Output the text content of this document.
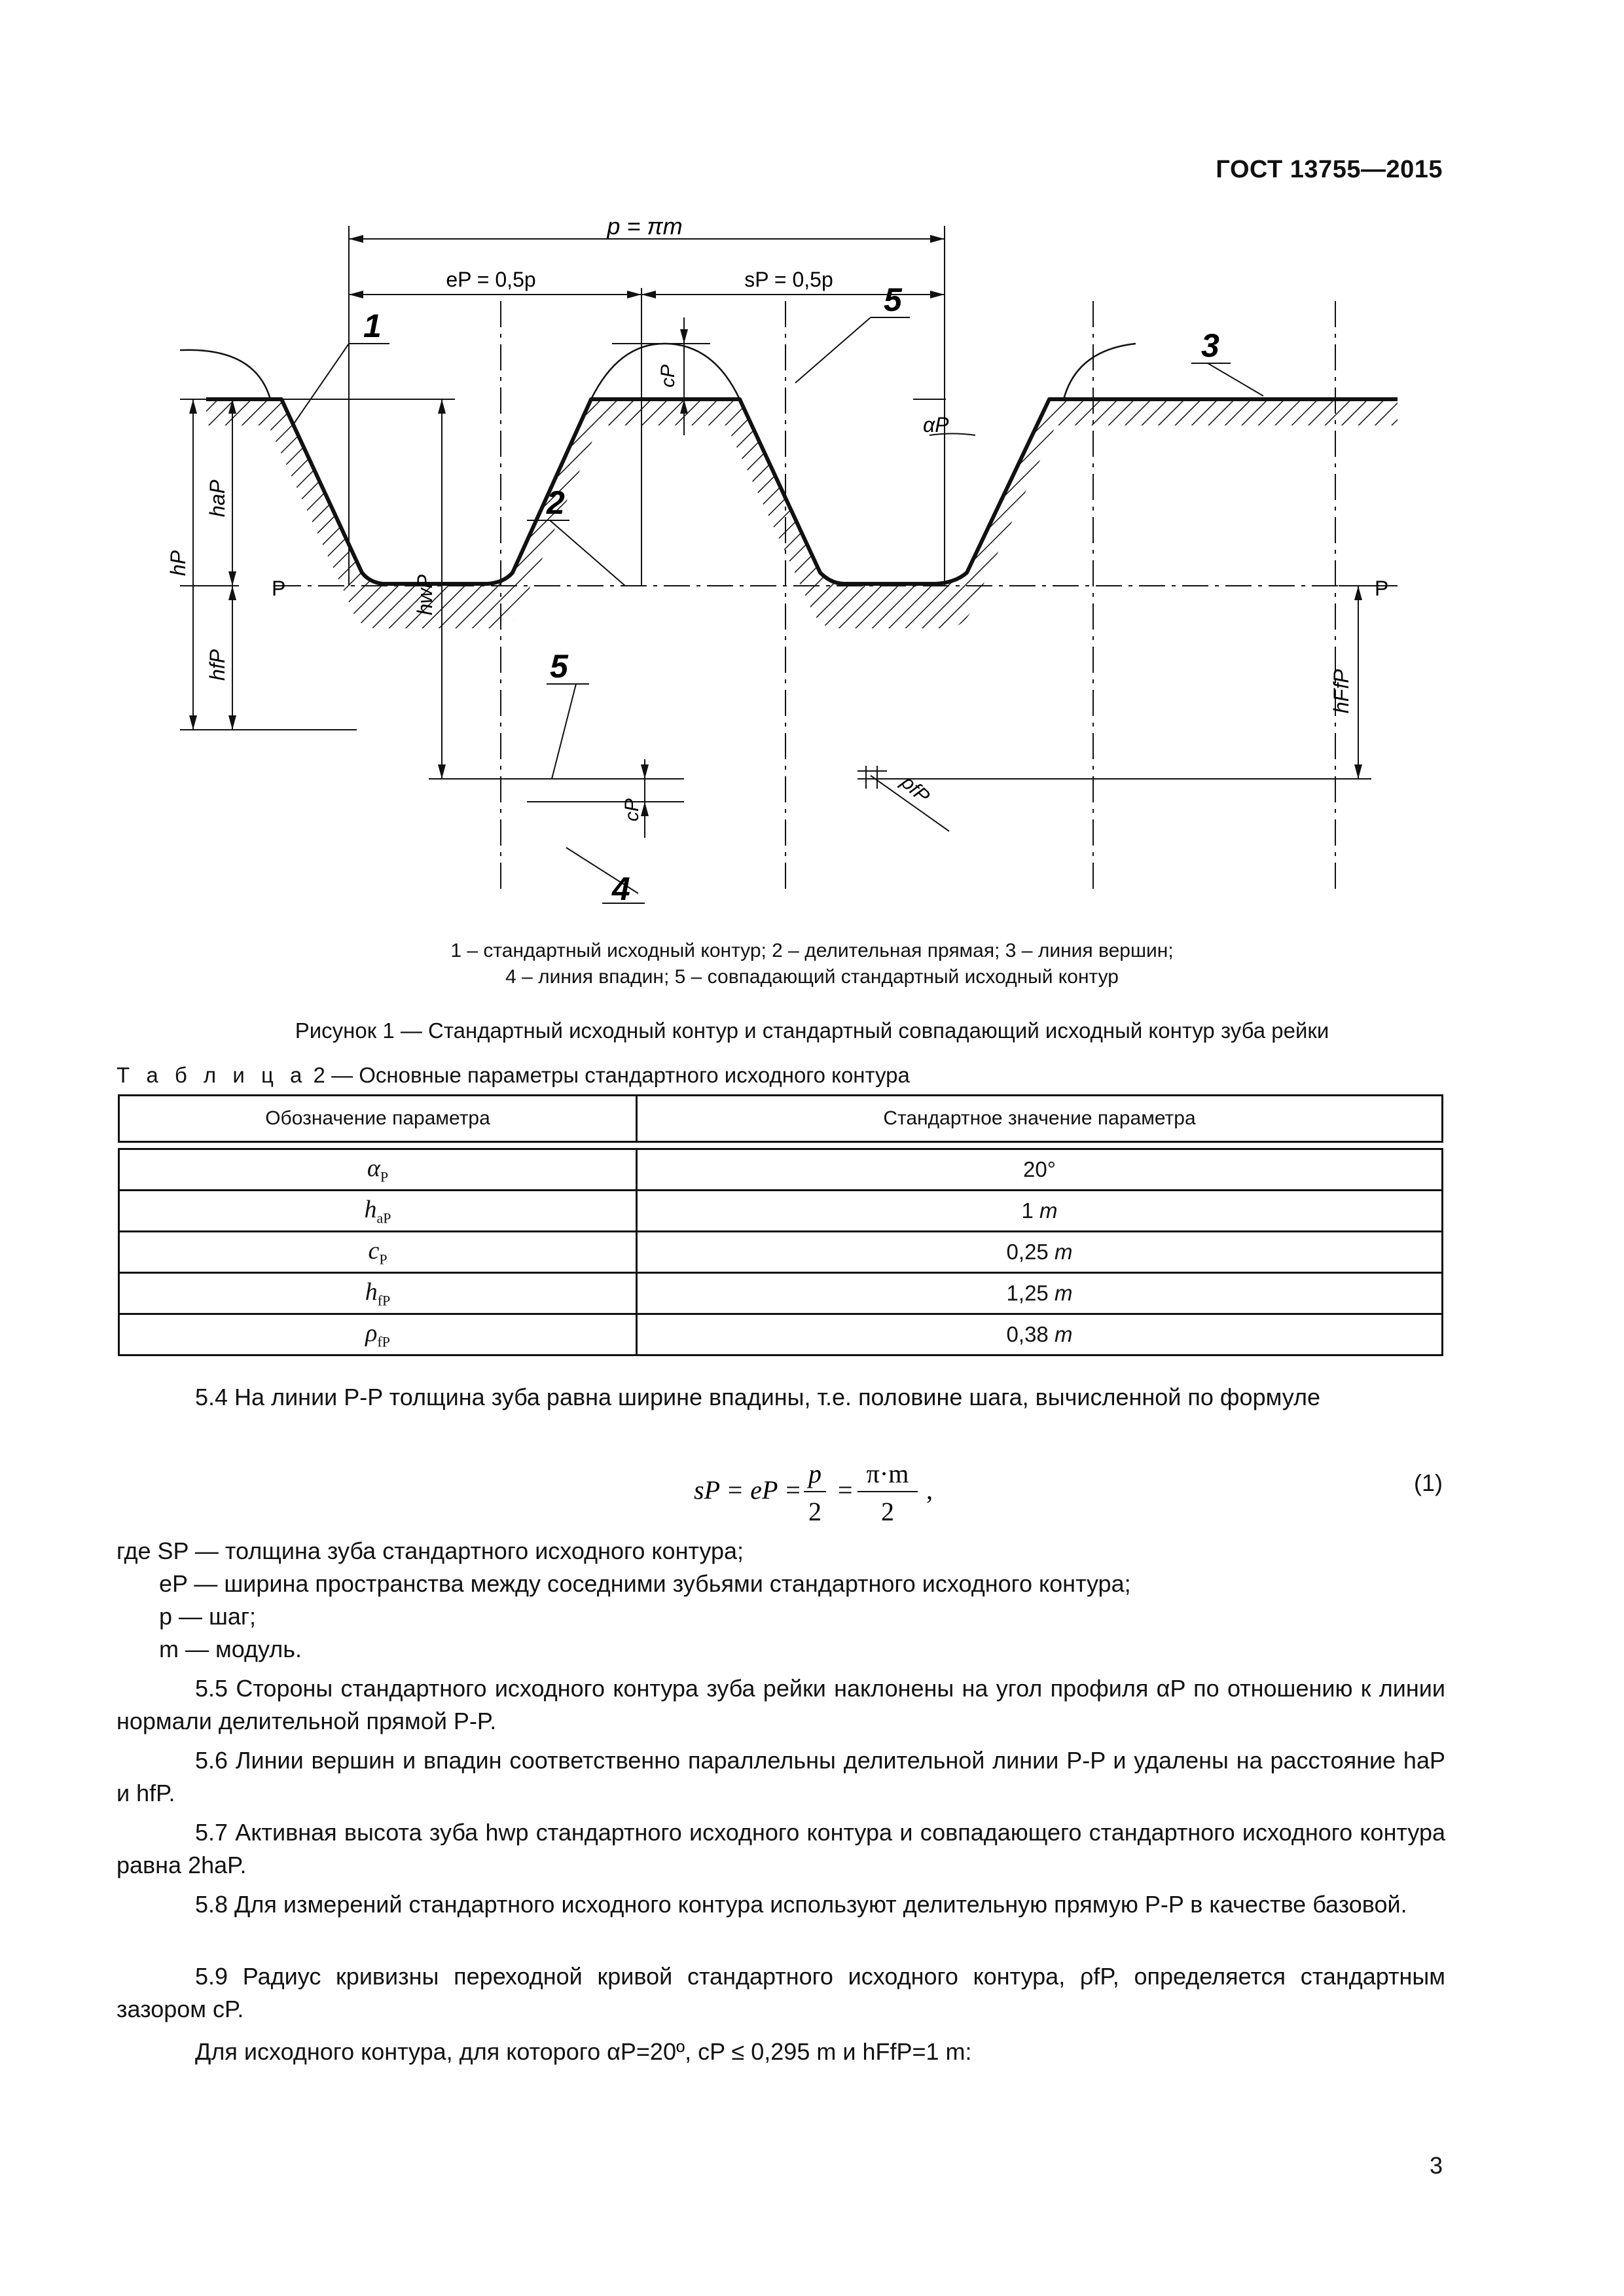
ГОСТ 13755—2015
p = πm
eP = 0,5p	sP = 0,5p
cP
αP
hP
haP
hfP
P	P
hwP
cP
hFfP
ρfP
1
2
3
4
5
5
1 – стандартный исходный контур; 2 – делительная прямая; 3 – линия вершин;
4 – линия впадин; 5 – совпадающий стандартный исходный контур
Рисунок 1 — Стандартный исходный контур и стандартный совпадающий исходный контур зуба рейки
Т а б л и ц а 2 — Основные параметры стандартного исходного контура
Обозначение параметра	Стандартное значение параметра

$\alpha_P$	20°
$h_{aP}$	1 m
$c_P$	0,25 m
$h_{fP}$	1,25 m
$\rho_{fP}$	0,38 m
5.4 На линии P-P толщина зуба равна ширине впадины, т.е. половине шага, вычисленной по формуле
sP = eP =
p
2
=
π·m
2
,	(1)
где SP — толщина зуба стандартного исходного контура;
eP — ширина пространства между соседними зубьями стандартного исходного контура;
p — шаг;
m — модуль.
5.5 Стороны стандартного исходного контура зуба рейки наклонены на угол профиля αP по отношению к линии нормали делительной прямой P-P.
5.6 Линии вершин и впадин соответственно параллельны делительной линии P-P и удалены на расстояние haP и hfP.
5.7 Активная высота зуба hwp стандартного исходного контура и совпадающего стандартного исходного контура равна 2haP.
5.8 Для измерений стандартного исходного контура используют делительную прямую P-P в качестве базовой.
5.9 Радиус кривизны переходной кривой стандартного исходного контура, ρfP, определяется стандартным зазором cP.
Для исходного контура, для которого αP=20º, cP ≤ 0,295 m и hFfP=1 m:
3
